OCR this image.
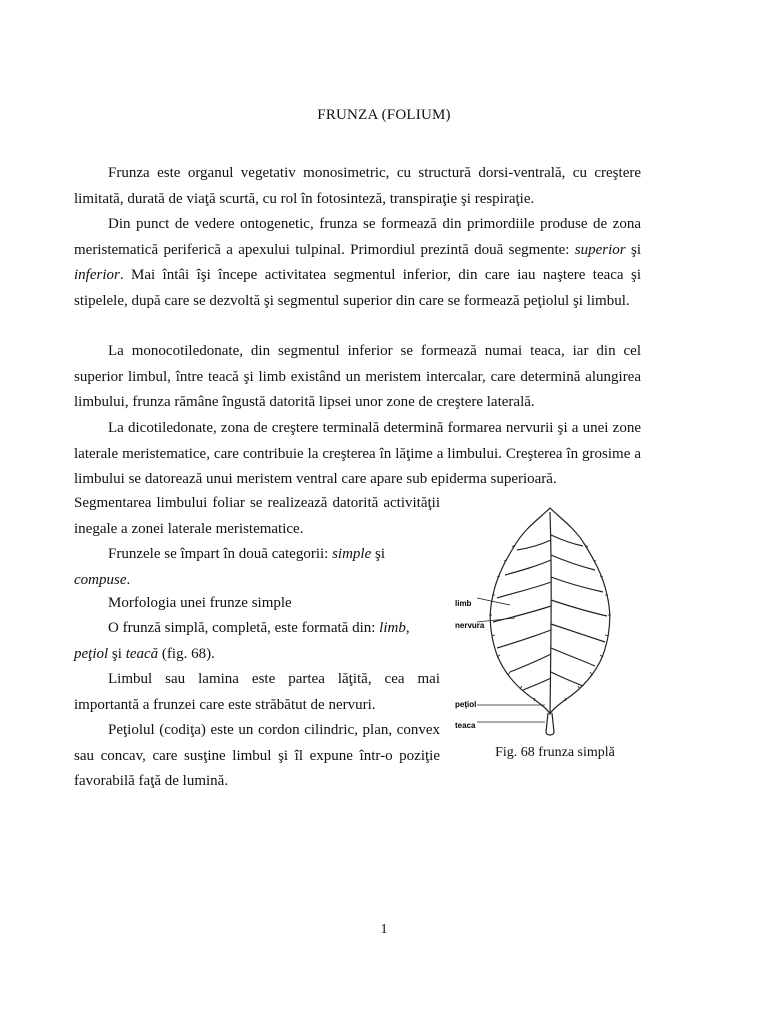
FRUNZA (FOLIUM)

Frunza este organul vegetativ monosimetric, cu structură dorsi-ventrală, cu creştere limitată, durată de viaţă scurtă, cu rol în fotosinteză, transpiraţie şi respiraţie.

Din punct de vedere ontogenetic, frunza se formează din primordiile produse de zona meristematică periferică a apexului tulpinal. Primordiul prezintă două segmente: superior şi inferior. Mai întâi îşi începe activitatea segmentul inferior, din care iau naştere teaca şi stipelele, după care se dezvoltă şi segmentul superior din care se formează peţiolul şi limbul.

La monocotiledonate, din segmentul inferior se formează numai teaca, iar din cel superior limbul, între teacă şi limb existând un meristem intercalar, care determină alungirea limbului, frunza rămâne îngustă datorită lipsei unor zone de creştere laterală.

La dicotiledonate, zona de creştere terminală determină formarea nervurii şi a unei zone laterale meristematice, care contribuie la creşterea în lăţime a limbului. Creşterea în grosime a limbului se datorează unui meristem ventral care apare sub epiderma superioară.

Segmentarea limbului foliar se realizează datorită activităţii inegale a zonei laterale meristematice.

Frunzele se împart în două categorii: simple şi
compuse.

Morfologia unei frunze simple

O frunză simplă, completă, este formată din: limb,
peţiol şi teacă (fig. 68).

Limbul sau lamina este partea lăţită, cea mai importantă a frunzei care este străbătut de nervuri.

Peţiolul (codiţa) este un cordon cilindric, plan, convex sau concav, care susţine limbul şi îl expune într-o poziţie favorabilă faţă de lumină.

limb
nervura
peţiol
teaca
Fig. 68 frunza simplă
1
